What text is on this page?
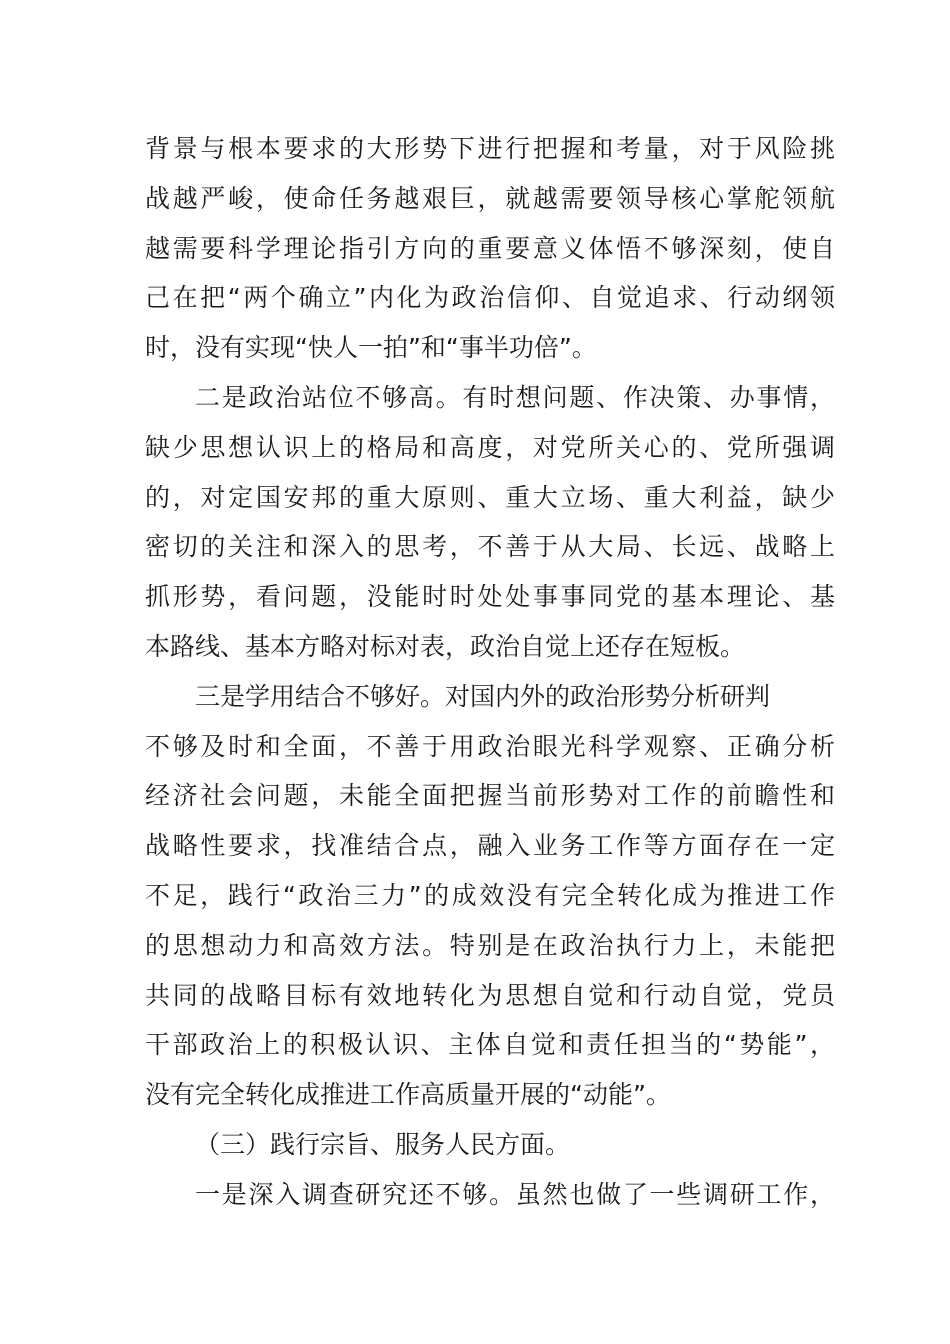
背景与根本要求的大形势下进行把握和考量，对于风险挑
战越严峻，使命任务越艰巨，就越需要领导核心掌舵领航
越需要科学理论指引方向的重要意义体悟不够深刻，使自
己在把“两个确立”内化为政治信仰、自觉追求、行动纲领
时，没有实现“快人一拍”和“事半功倍”。
二是政治站位不够高。有时想问题、作决策、办事情，
缺少思想认识上的格局和高度，对党所关心的、党所强调
的，对定国安邦的重大原则、重大立场、重大利益，缺少
密切的关注和深入的思考，不善于从大局、长远、战略上
抓形势，看问题，没能时时处处事事同党的基本理论、基
本路线、基本方略对标对表，政治自觉上还存在短板。
三是学用结合不够好。对国内外的政治形势分析研判
不够及时和全面，不善于用政治眼光科学观察、正确分析
经济社会问题，未能全面把握当前形势对工作的前瞻性和
战略性要求，找准结合点，融入业务工作等方面存在一定
不足，践行“政治三力”的成效没有完全转化成为推进工作
的思想动力和高效方法。特别是在政治执行力上，未能把
共同的战略目标有效地转化为思想自觉和行动自觉，党员
干部政治上的积极认识、主体自觉和责任担当的“势能”，
没有完全转化成推进工作高质量开展的“动能”。
（三）践行宗旨、服务人民方面。
一是深入调查研究还不够。虽然也做了一些调研工作，
